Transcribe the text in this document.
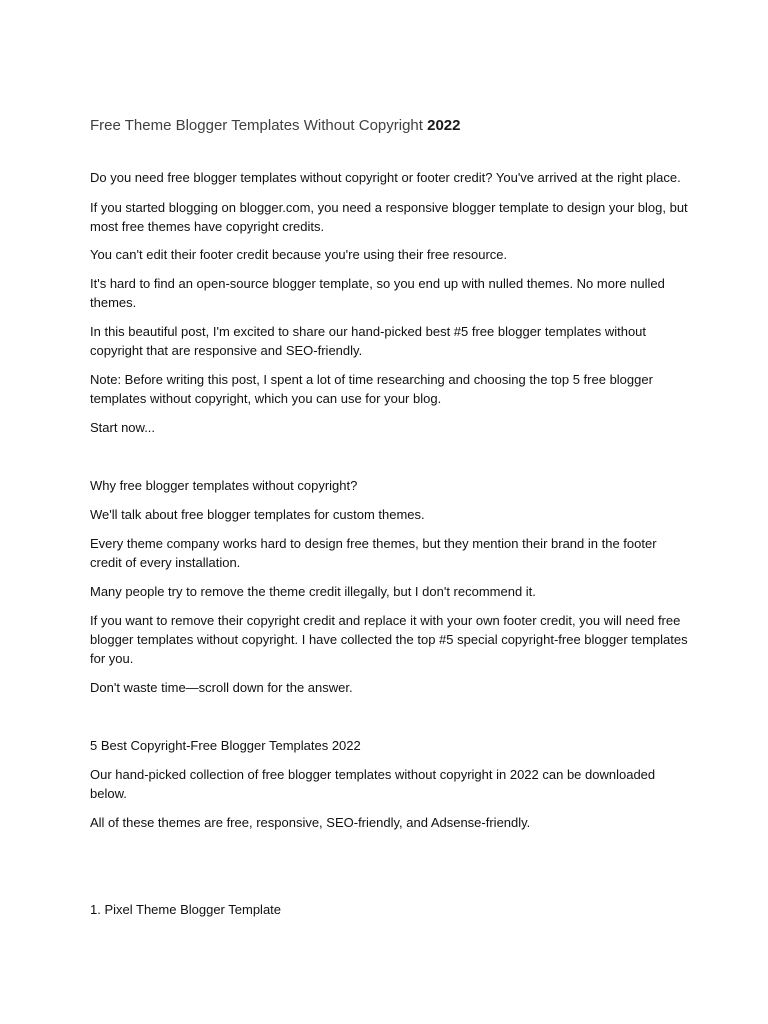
Free Theme Blogger Templates Without Copyright 2022

Do you need free blogger templates without copyright or footer credit? You've arrived at the right place.

If you started blogging on blogger.com, you need a responsive blogger template to design your blog, but most free themes have copyright credits.

You can't edit their footer credit because you're using their free resource.

It's hard to find an open-source blogger template, so you end up with nulled themes. No more nulled themes.

In this beautiful post, I'm excited to share our hand-picked best #5 free blogger templates without copyright that are responsive and SEO-friendly.

Note: Before writing this post, I spent a lot of time researching and choosing the top 5 free blogger templates without copyright, which you can use for your blog.

Start now...

Why free blogger templates without copyright?

We'll talk about free blogger templates for custom themes.

Every theme company works hard to design free themes, but they mention their brand in the footer credit of every installation.

Many people try to remove the theme credit illegally, but I don't recommend it.

If you want to remove their copyright credit and replace it with your own footer credit, you will need free blogger templates without copyright. I have collected the top #5 special copyright-free blogger templates for you.

Don't waste time—scroll down for the answer.

5 Best Copyright-Free Blogger Templates 2022

Our hand-picked collection of free blogger templates without copyright in 2022 can be downloaded below.

All of these themes are free, responsive, SEO-friendly, and Adsense-friendly.

1. Pixel Theme Blogger Template
